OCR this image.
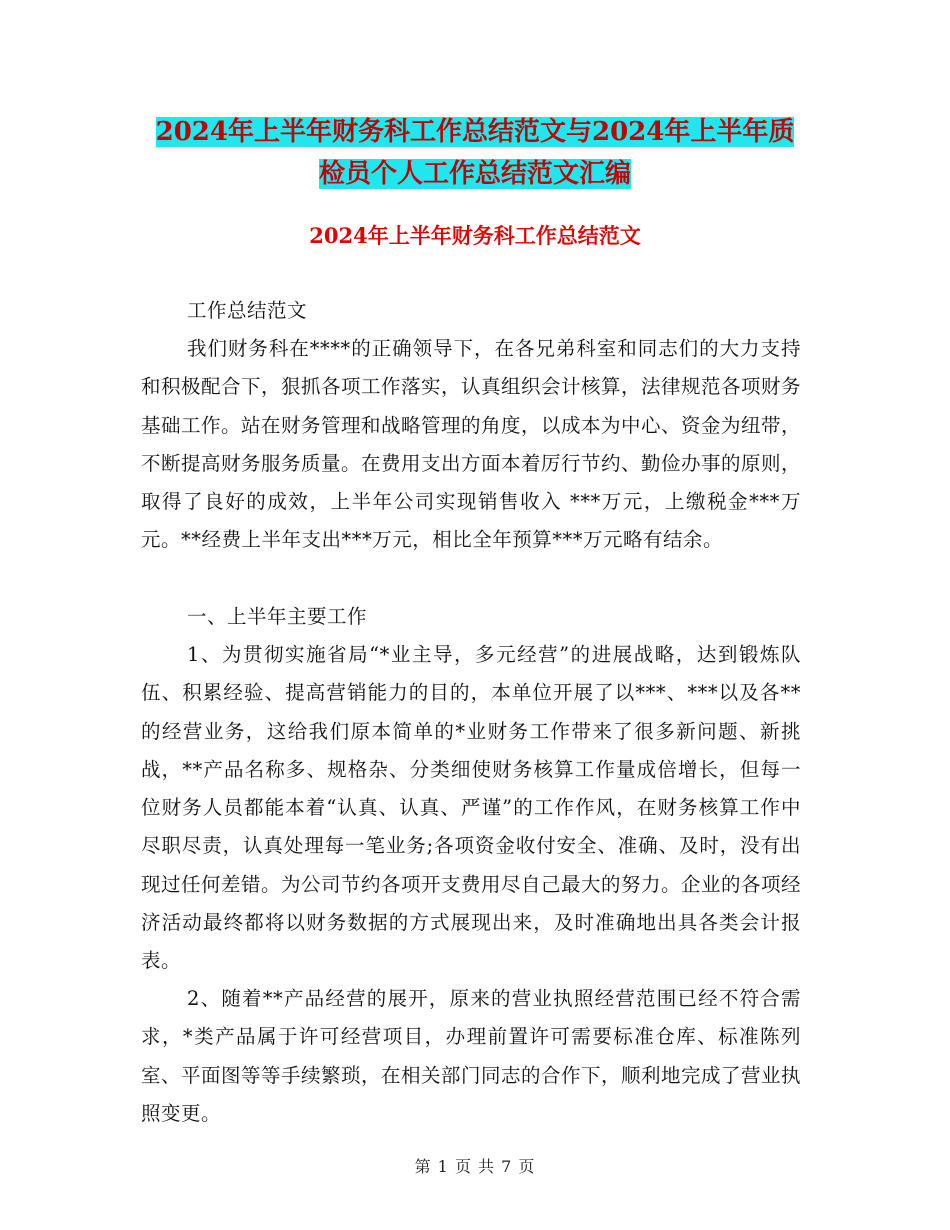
2024年上半年财务科工作总结范文与2024年上半年质
检员个人工作总结范文汇编
2024年上半年财务科工作总结范文
工作总结范文
我们财务科在****的正确领导下，在各兄弟科室和同志们的大力支持和积极配合下，狠抓各项工作落实，认真组织会计核算，法律规范各项财务基础工作。站在财务管理和战略管理的角度，以成本为中心、资金为纽带，不断提高财务服务质量。在费用支出方面本着厉行节约、勤俭办事的原则，取得了良好的成效，上半年公司实现销售收入 ***万元，上缴税金***万元。**经费上半年支出***万元，相比全年预算***万元略有结余。
一、上半年主要工作
1、为贯彻实施省局“*业主导，多元经营”的进展战略，达到锻炼队伍、积累经验、提高营销能力的目的，本单位开展了以***、***以及各**的经营业务，这给我们原本简单的*业财务工作带来了很多新问题、新挑战，**产品名称多、规格杂、分类细使财务核算工作量成倍增长，但每一位财务人员都能本着“认真、认真、严谨”的工作作风，在财务核算工作中尽职尽责，认真处理每一笔业务;各项资金收付安全、准确、及时，没有出现过任何差错。为公司节约各项开支费用尽自己最大的努力。企业的各项经济活动最终都将以财务数据的方式展现出来，及时准确地出具各类会计报表。
2、随着**产品经营的展开，原来的营业执照经营范围已经不符合需求，*类产品属于许可经营项目，办理前置许可需要标准仓库、标准陈列室、平面图等等手续繁琐，在相关部门同志的合作下，顺利地完成了营业执照变更。
第 1 页 共 7 页
